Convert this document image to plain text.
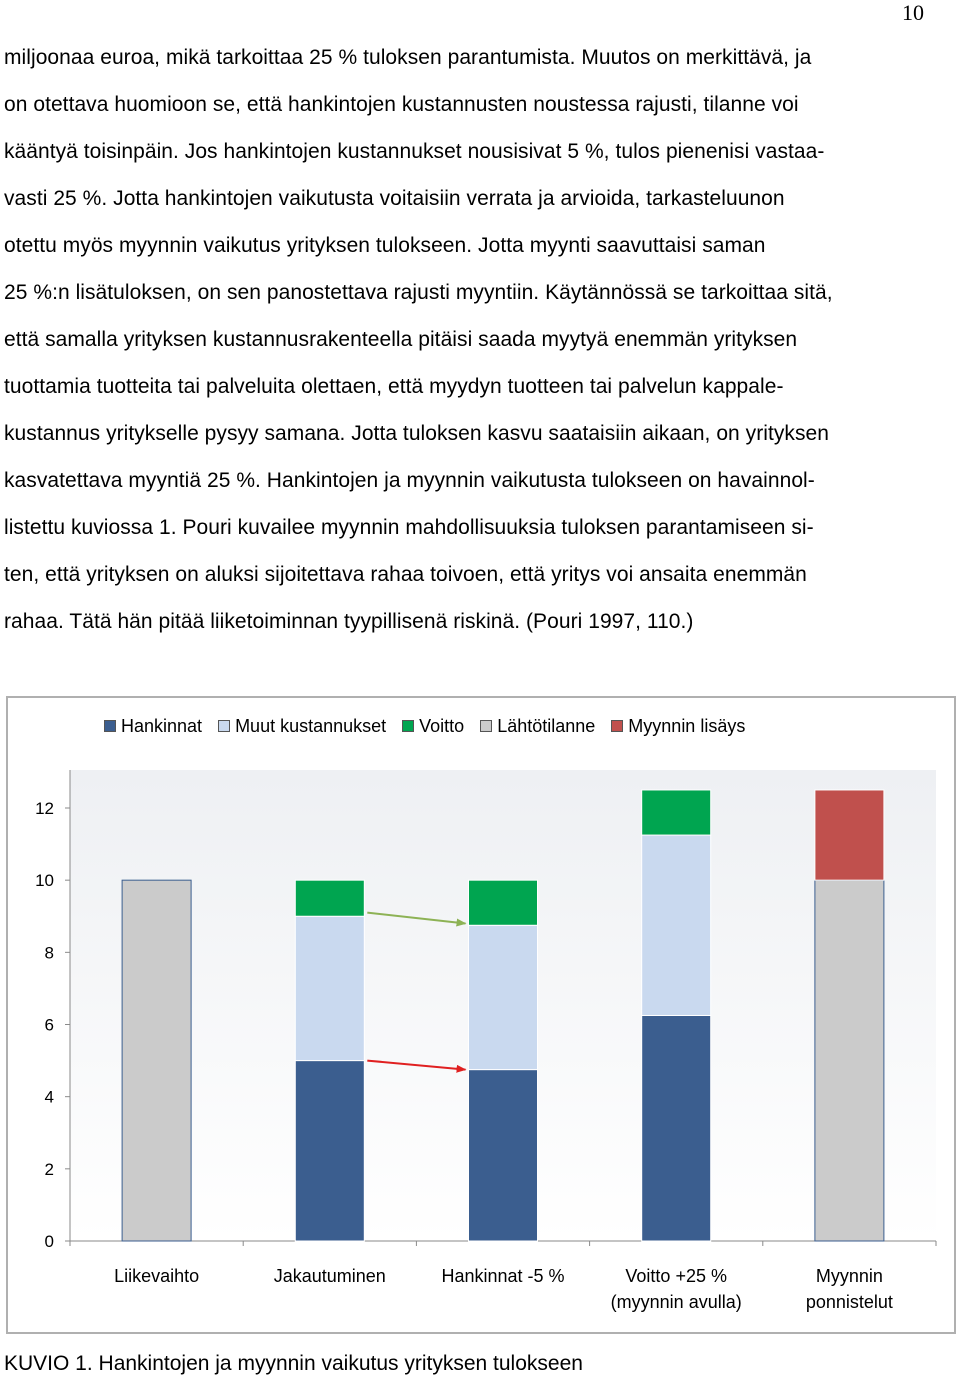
10
miljoonaa euroa, mikä tarkoittaa 25 % tuloksen parantumista. Muutos on merkittävä, ja
on otettava huomioon se, että hankintojen kustannusten noustessa rajusti, tilanne voi
kääntyä toisinpäin. Jos hankintojen kustannukset nousisivat 5 %, tulos pienenisi vastaa-
vasti 25 %. Jotta hankintojen vaikutusta voitaisiin verrata ja arvioida, tarkasteluunon
otettu myös myynnin vaikutus yrityksen tulokseen. Jotta myynti saavuttaisi saman
25 %:n lisätuloksen, on sen panostettava rajusti myyntiin. Käytännössä se tarkoittaa sitä,
että samalla yrityksen kustannusrakenteella pitäisi saada myytyä enemmän yrityksen
tuottamia tuotteita tai palveluita olettaen, että myydyn tuotteen tai palvelun kappale-
kustannus yritykselle pysyy samana. Jotta tuloksen kasvu saataisiin aikaan, on yrityksen
kasvatettava myyntiä 25 %. Hankintojen ja myynnin vaikutusta tulokseen on havainnol-
listettu kuviossa 1. Pouri kuvailee myynnin mahdollisuuksia tuloksen parantamiseen si-
ten, että yrityksen on aluksi sijoitettava rahaa toivoen, että yritys voi ansaita enemmän
rahaa. Tätä hän pitää liiketoiminnan tyypillisenä riskinä. (Pouri 1997, 110.)
0
2
4
6
8
10
12
Liikevaihto	Jakautuminen	Hankinnat -5 %	Voitto +25 %
(myynnin avulla)
Myynnin
ponnistelut
Hankinnat Muut kustannukset Voitto Lähtötilanne Myynnin lisäys
KUVIO 1. Hankintojen ja myynnin vaikutus yrityksen tulokseen
